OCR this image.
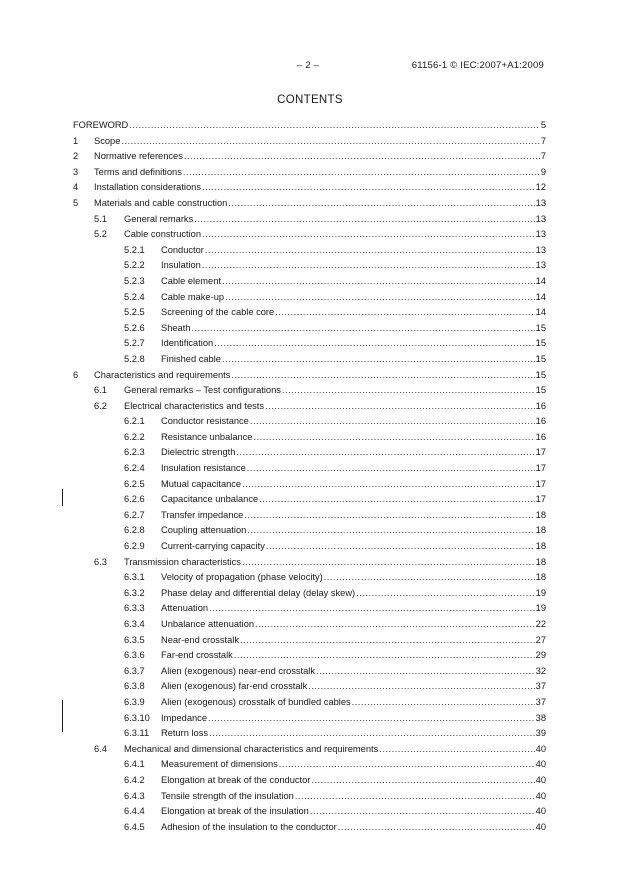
– 2 –	61156-1 © IEC:2007+A1:2009
CONTENTS
FOREWORD .....	5
1	Scope .....	7
2	Normative references .....	7
3	Terms and definitions .....	9
4	Installation considerations .....	12
5	Materials and cable construction .....	13
5.1	General remarks .....	13
5.2	Cable construction .....	13
5.2.1	Conductor .....	13
5.2.2	Insulation .....	13
5.2.3	Cable element .....	14
5.2.4	Cable make-up .....	14
5.2.5	Screening of the cable core .....	14
5.2.6	Sheath .....	15
5.2.7	Identification .....	15
5.2.8	Finished cable .....	15
6	Characteristics and requirements .....	15
6.1	General remarks – Test configurations .....	15
6.2	Electrical characteristics and tests .....	16
6.2.1	Conductor resistance .....	16
6.2.2	Resistance unbalance .....	16
6.2.3	Dielectric strength .....	17
6.2.4	Insulation resistance .....	17
6.2.5	Mutual capacitance .....	17
6.2.6	Capacitance unbalance .....	17
6.2.7	Transfer impedance .....	18
6.2.8	Coupling attenuation .....	18
6.2.9	Current-carrying capacity .....	18
6.3	Transmission characteristics .....	18
6.3.1	Velocity of propagation (phase velocity) .....	18
6.3.2	Phase delay and differential delay (delay skew) .....	19
6.3.3	Attenuation .....	19
6.3.4	Unbalance attenuation .....	22
6.3.5	Near-end crosstalk .....	27
6.3.6	Far-end crosstalk .....	29
6.3.7	Alien (exogenous) near-end crosstalk .....	32
6.3.8	Alien (exogenous) far-end crosstalk .....	37
6.3.9	Alien (exogenous) crosstalk of bundled cables .....	37
6.3.10	Impedance .....	38
6.3.11	Return loss .....	39
6.4	Mechanical and dimensional characteristics and requirements .....	40
6.4.1	Measurement of dimensions .....	40
6.4.2	Elongation at break of the conductor .....	40
6.4.3	Tensile strength of the insulation .....	40
6.4.4	Elongation at break of the insulation .....	40
6.4.5	Adhesion of the insulation to the conductor .....	40
